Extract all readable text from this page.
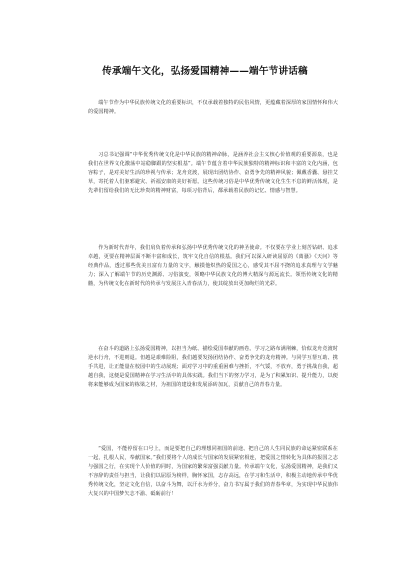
传承端午文化，弘扬爱国精神——端午节讲话稿

端午节作为中华民族传统文化的重要标识，不仅承载着独特的民俗风情，更蕴藏着深厚的家国情怀和伟大的爱国精神。

习总书记强调“中华优秀传统文化是中华民族的精神命脉，是涵养社会主义核心价值观的重要源泉，也是我们在世界文化激荡中站稳脚跟的坚实根基”。端午节蕴含着中华民族独特的精神标识和丰富的文化内涵，包容粽子，是对美好生活的珍视与传承；龙舟竞渡，展现出团结协作、奋勇争先的精神风貌；佩戴香囊、悬挂艾草，寄托着人们驱邪避灾、祈福安康的美好祈愿。这些传统习俗是中华优秀传统文化生生不息的鲜活体现，是先辈们留给我们的无比珍贵的精神财富，每项习俗背后，都承载着民族的记忆、情感与智慧。

作为新时代青年，我们肩负着传承和弘扬中华优秀传统文化的神圣使命。不仅要在学业上刻苦钻研、追求卓越，更要在精神层面不断丰富和成长，筑牢文化自信的根基。我们可以深入研读屈原的《离骚》《天问》等经典作品，透过那些优美且富有力量的文字，触摸他炽热的爱国之心，感受其不屈不挠的追求真理与文学魅力；深入了解端午节的历史渊源、习俗演变，领略中华民族文化的博大精深与源远流长。领悟传统文化的精髓，为传统文化在新时代的传承与发展注入青春活力，使其绽放出更加绚烂的光彩。

在奋斗的道路上弘扬爱国精神，以担当为纸、描绘爱国奉献的画卷。学习之路布满荆棘，恰似龙舟竞渡时逆水行舟，不进则退。但越是艰难险阻，我们越要发扬团结协作、奋勇争先的龙舟精神。与同学互帮互助、携手共进，让正能量在校园中的生动展现；面对学习中的重重困难与挫折，不气馁，不放弃，勇于挑战自我，超越自我，这便是爱国精神在学习生活中的具体实践。我们当下的努力学习，是为了积累知识、提升能力，以便将来能够成为国家的栋梁之材，为祖国的建设和发展添砖加瓦，贡献自己的青春力量。

“爱国，不能停留在口号上，而是要把自己的理想同祖国的前途、把自己的人生同民族的命运紧密联系在一起，扎根人民，奉献国家。”我们要将个人的成长与国家的发展紧密相连，把爱国之情转化为具体的报国之志与强国之行，在实现个人价值的同时，为国家的繁荣富强贡献力量。传承端午文化，弘扬爱国精神，是我们义不容辞的责任与担当，让我们以屈原为榜样，胸怀家国，志存高远，在学习和生活中，积极主动地传承中华优秀传统文化，坚定文化自信，以奋斗为舞，以汗水为养分，奋力书写属于我们的青春华章，为实现中华民族伟大复兴的中国梦矢志不渝、砥砺前行！
